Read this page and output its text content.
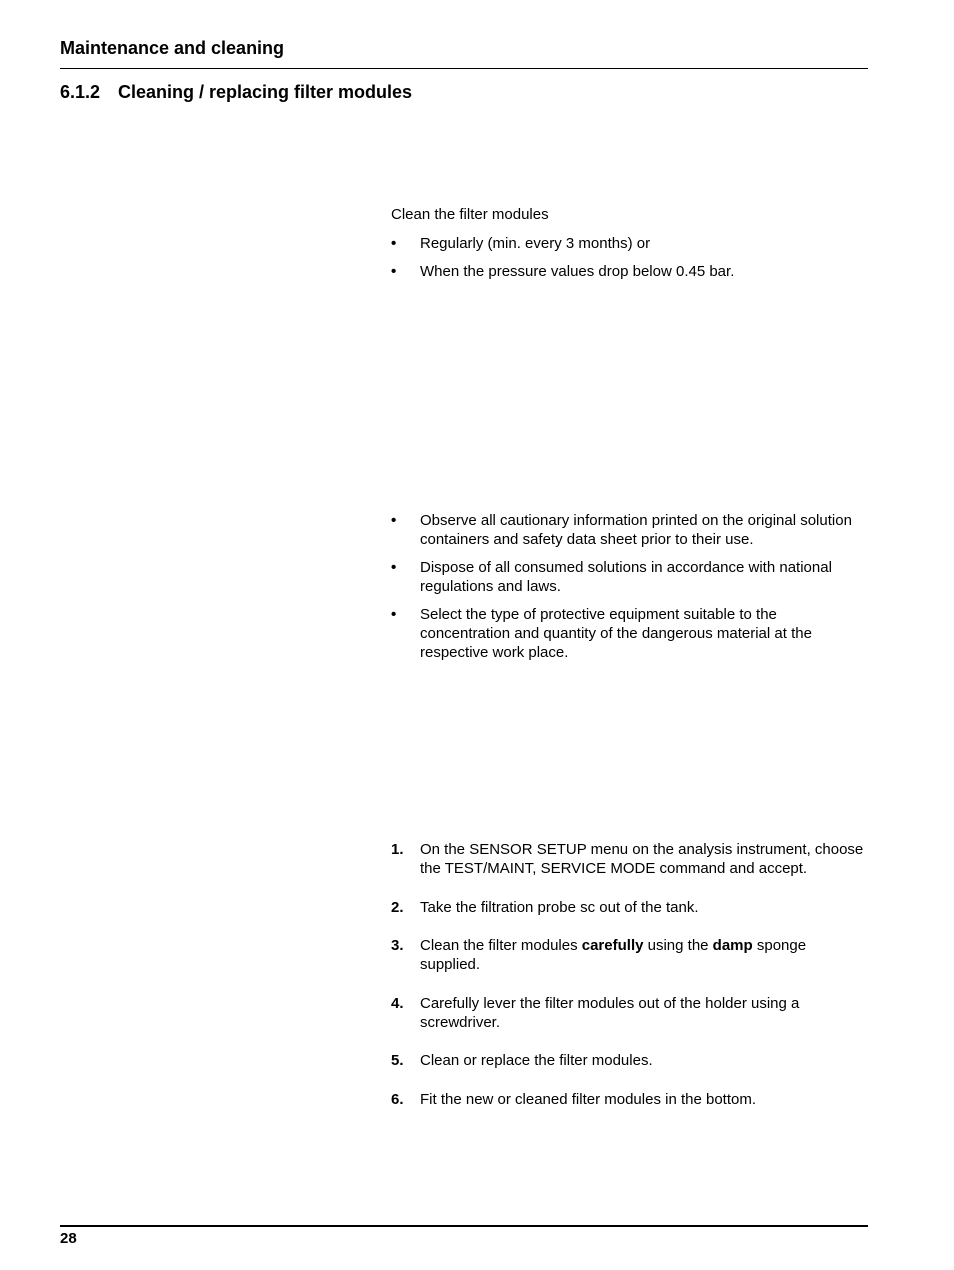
Maintenance and cleaning
6.1.2 Cleaning / replacing filter modules

Clean the filter modules

• Regularly (min. every 3 months) or
• When the pressure values drop below 0.45 bar.
• Observe all cautionary information printed on the original solution containers and safety data sheet prior to their use.
• Dispose of all consumed solutions in accordance with national regulations and laws.
• Select the type of protective equipment suitable to the concentration and quantity of the dangerous material at the respective work place.
1. On the SENSOR SETUP menu on the analysis instrument, choose the TEST/MAINT, SERVICE MODE command and accept.
2. Take the filtration probe sc out of the tank.
3. Clean the filter modules carefully using the damp sponge supplied.
4. Carefully lever the filter modules out of the holder using a screwdriver.
5. Clean or replace the filter modules.
6. Fit the new or cleaned filter modules in the bottom.
28
